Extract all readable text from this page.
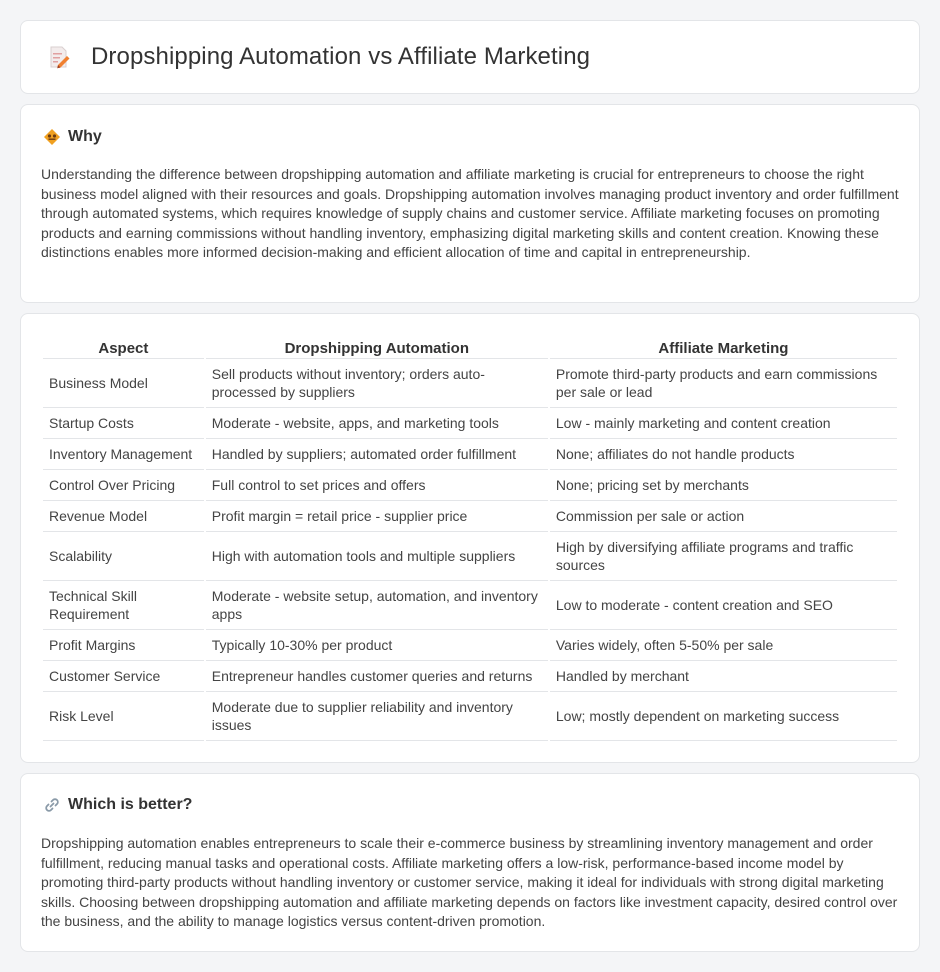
Dropshipping Automation vs Affiliate Marketing
Why

Understanding the difference between dropshipping automation and affiliate marketing is crucial for entrepreneurs to choose the right business model aligned with their resources and goals. Dropshipping automation involves managing product inventory and order fulfillment through automated systems, which requires knowledge of supply chains and customer service. Affiliate marketing focuses on promoting products and earning commissions without handling inventory, emphasizing digital marketing skills and content creation. Knowing these distinctions enables more informed decision-making and efficient allocation of time and capital in entrepreneurship.

Aspect	Dropshipping Automation	Affiliate Marketing
Business Model	Sell products without inventory; orders auto-processed by suppliers	Promote third-party products and earn commissions per sale or lead
Startup Costs	Moderate - website, apps, and marketing tools	Low - mainly marketing and content creation
Inventory Management	Handled by suppliers; automated order fulfillment	None; affiliates do not handle products
Control Over Pricing	Full control to set prices and offers	None; pricing set by merchants
Revenue Model	Profit margin = retail price - supplier price	Commission per sale or action
Scalability	High with automation tools and multiple suppliers	High by diversifying affiliate programs and traffic sources
Technical Skill Requirement	Moderate - website setup, automation, and inventory apps	Low to moderate - content creation and SEO
Profit Margins	Typically 10-30% per product	Varies widely, often 5-50% per sale
Customer Service	Entrepreneur handles customer queries and returns	Handled by merchant
Risk Level	Moderate due to supplier reliability and inventory issues	Low; mostly dependent on marketing success
Which is better?

Dropshipping automation enables entrepreneurs to scale their e-commerce business by streamlining inventory management and order fulfillment, reducing manual tasks and operational costs. Affiliate marketing offers a low-risk, performance-based income model by promoting third-party products without handling inventory or customer service, making it ideal for individuals with strong digital marketing skills. Choosing between dropshipping automation and affiliate marketing depends on factors like investment capacity, desired control over the business, and the ability to manage logistics versus content-driven promotion.
